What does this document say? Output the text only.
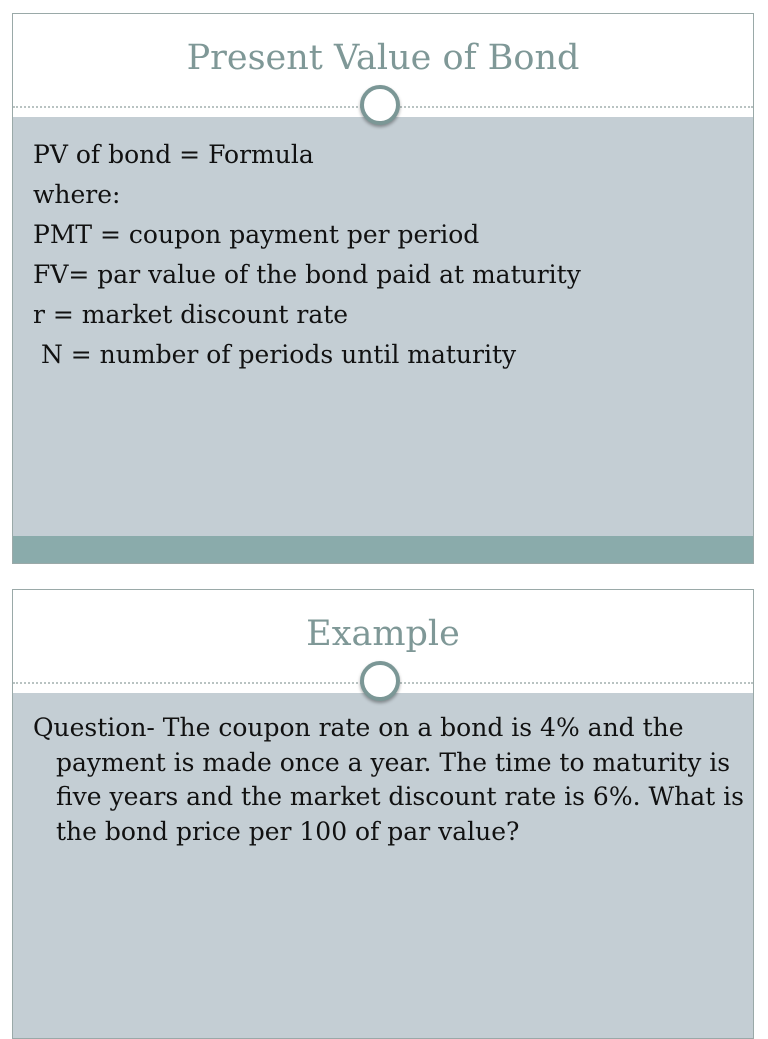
Present Value of Bond
PV of bond = Formula
where:
PMT = coupon payment per period
FV= par value of the bond paid at maturity
r = market discount rate
N = number of periods until maturity
Example

Question- The coupon rate on a bond is 4% and the payment is made once a year. The time to maturity is five years and the market discount rate is 6%. What is the bond price per 100 of par value?
